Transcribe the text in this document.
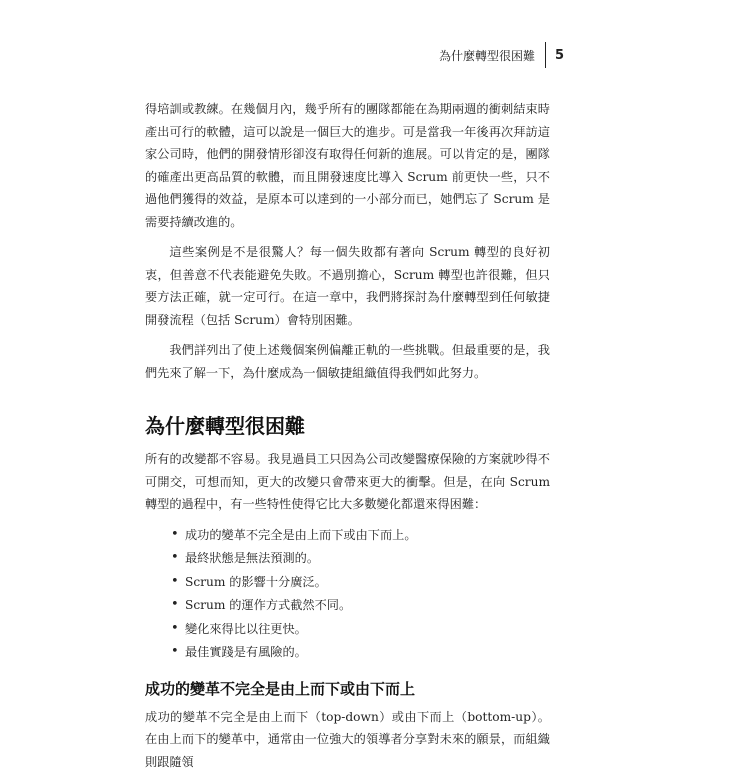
為什麼轉型很困難	5

得培訓或教練。在幾個月內，幾乎所有的團隊都能在為期兩週的衝刺結束時產出可行的軟體，這可以說是一個巨大的進步。可是當我一年後再次拜訪這家公司時，他們的開發情形卻沒有取得任何新的進展。可以肯定的是，團隊的確產出更高品質的軟體，而且開發速度比導入 Scrum 前更快一些，只不過他們獲得的效益，是原本可以達到的一小部分而已，她們忘了 Scrum 是需要持續改進的。

這些案例是不是很驚人？每一個失敗都有著向 Scrum 轉型的良好初衷，但善意不代表能避免失敗。不過別擔心，Scrum 轉型也許很難，但只要方法正確，就一定可行。在這一章中，我們將探討為什麼轉型到任何敏捷開發流程（包括 Scrum）會特別困難。

我們詳列出了使上述幾個案例偏離正軌的一些挑戰。但最重要的是，我們先來了解一下，為什麼成為一個敏捷組織值得我們如此努力。

為什麼轉型很困難

所有的改變都不容易。我見過員工只因為公司改變醫療保險的方案就吵得不可開交，可想而知，更大的改變只會帶來更大的衝擊。但是，在向 Scrum 轉型的過程中，有一些特性使得它比大多數變化都還來得困難：

• 成功的變革不完全是由上而下或由下而上。
• 最終狀態是無法預測的。
• Scrum 的影響十分廣泛。
• Scrum 的運作方式截然不同。
• 變化來得比以往更快。
• 最佳實踐是有風險的。
成功的變革不完全是由上而下或由下而上

成功的變革不完全是由上而下（top-down）或由下而上（bottom-up）。在由上而下的變革中，通常由一位強大的領導者分享對未來的願景，而組織則跟隨領
